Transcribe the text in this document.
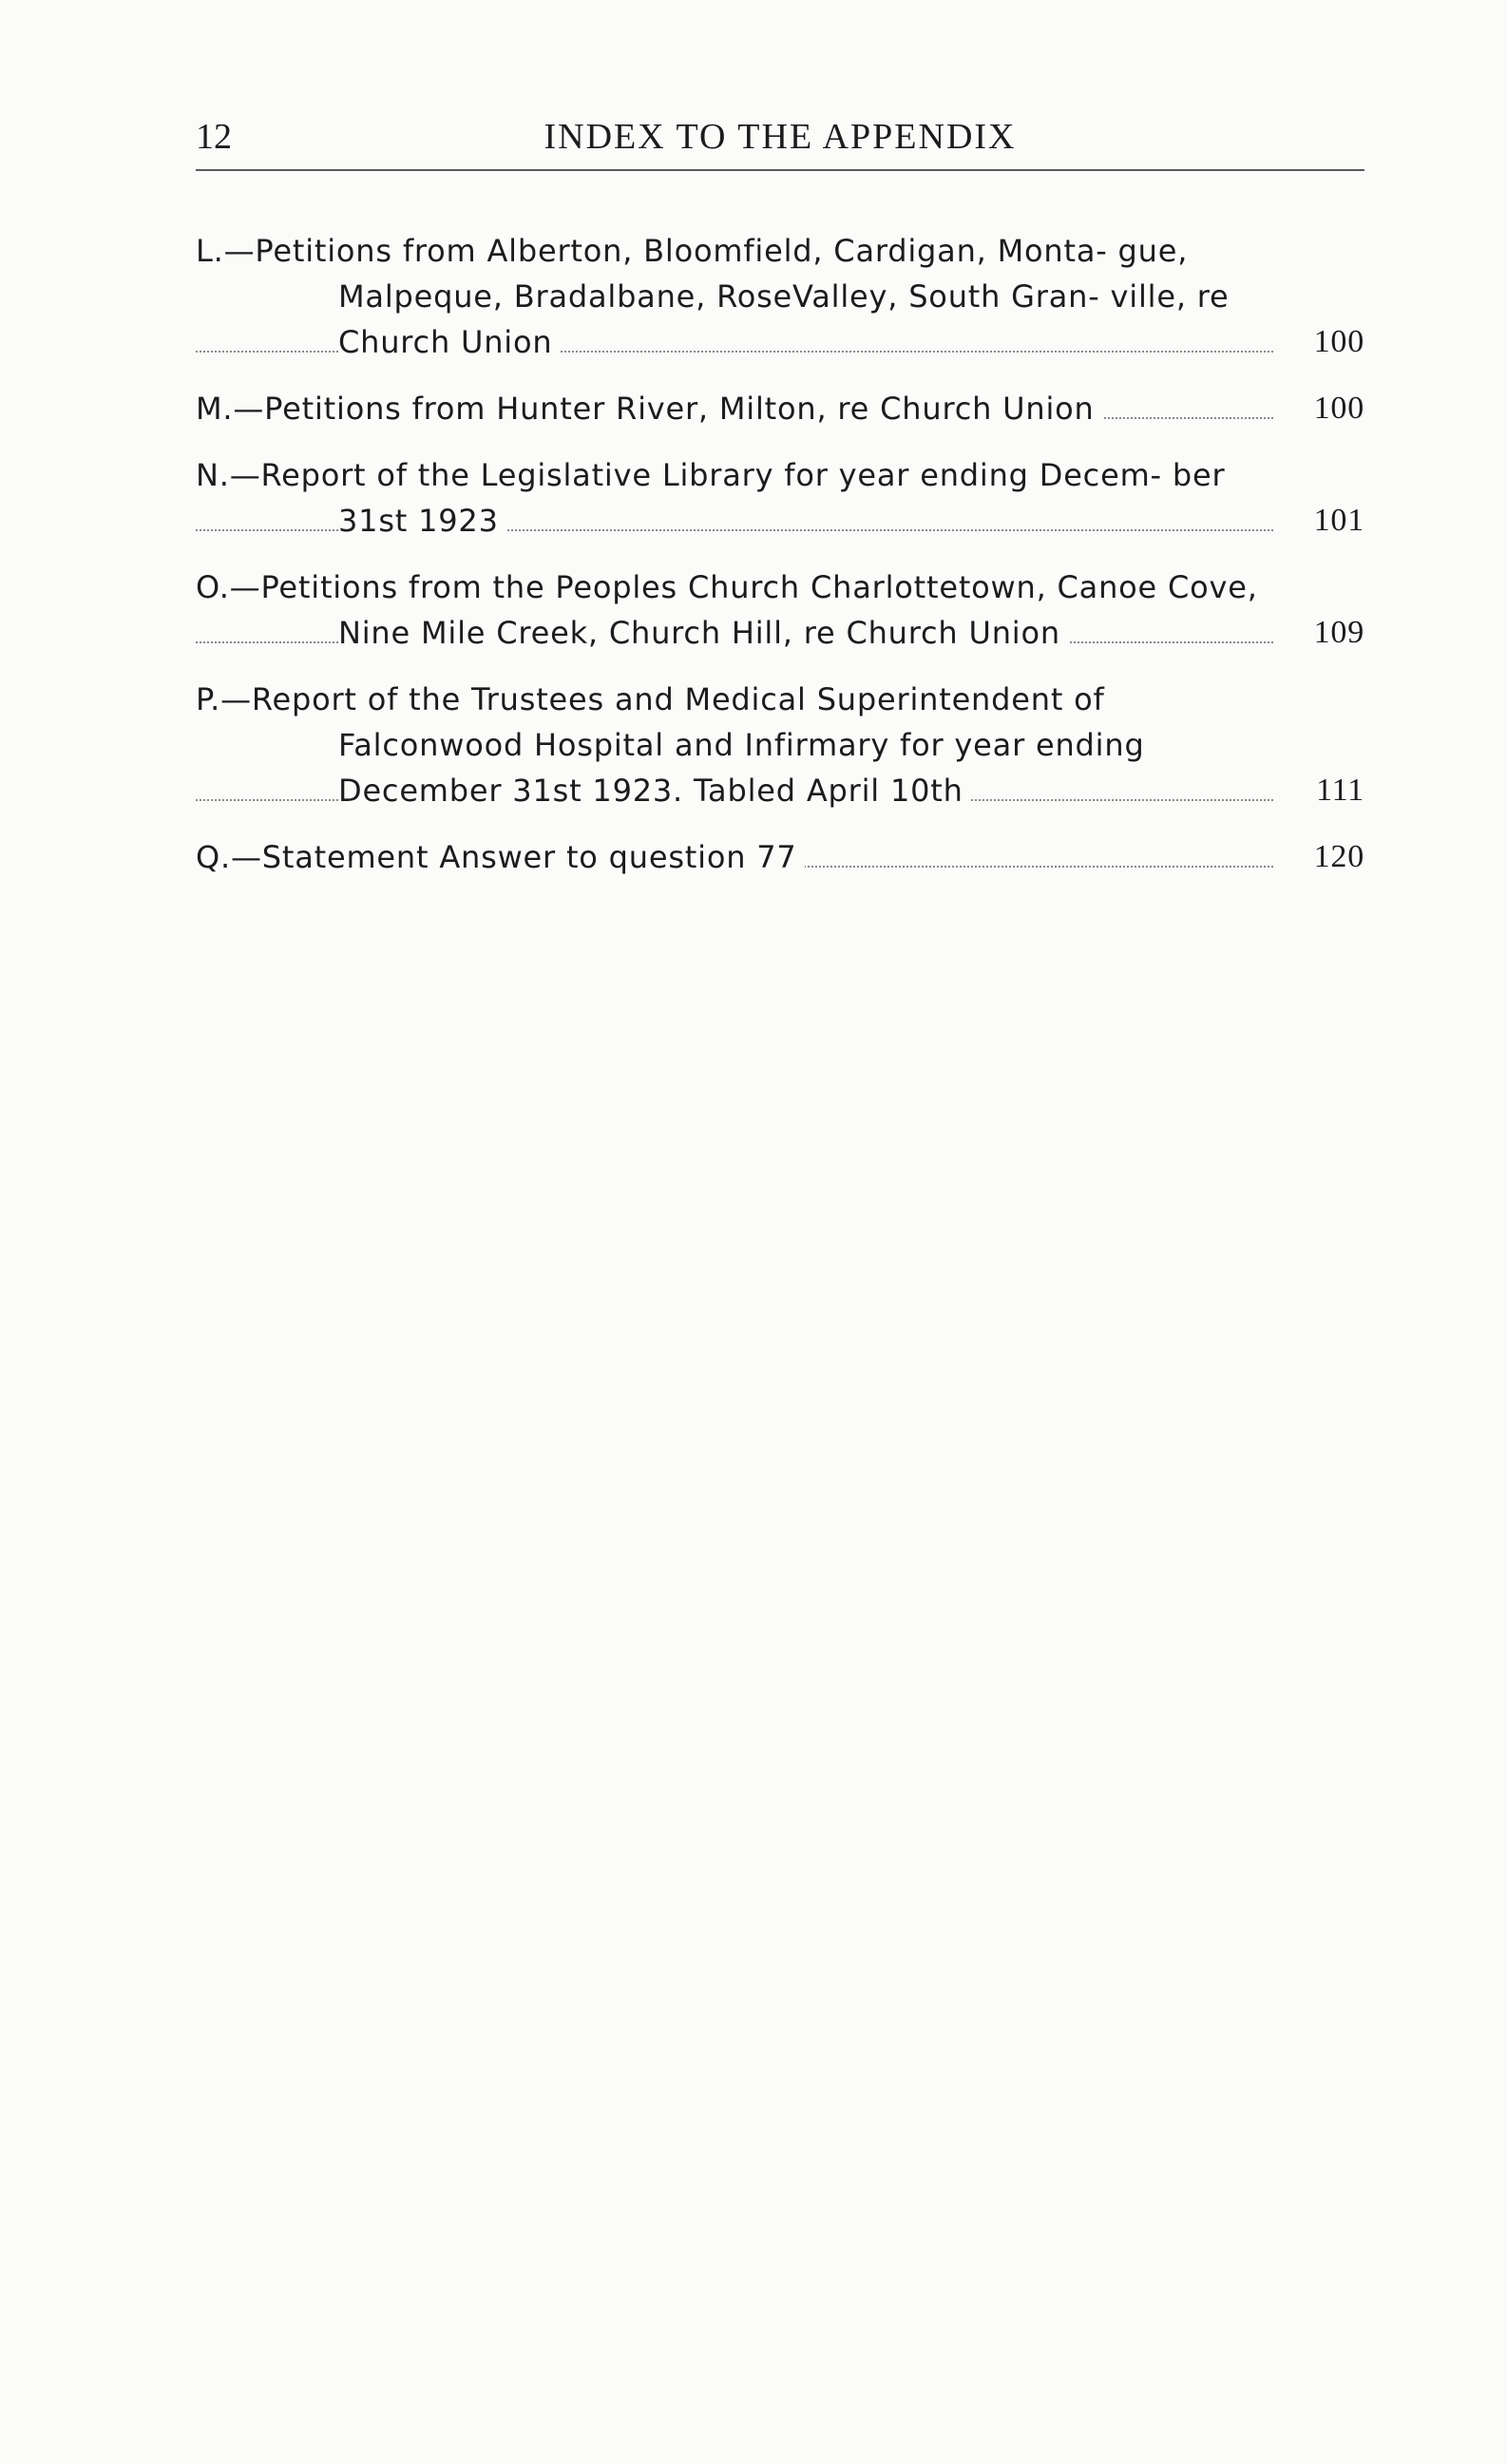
12	INDEX TO THE APPENDIX
L.—Petitions from Alberton, Bloomfield, Cardigan, Monta- gue, Malpeque, Bradalbane, RoseValley, South Gran- ville, re Church Union	100
M.—Petitions from Hunter River, Milton, re Church Union	100
N.—Report of the Legislative Library for year ending Decem- ber 31st 1923	101
O.—Petitions from the Peoples Church Charlottetown, Canoe Cove, Nine Mile Creek, Church Hill, re Church Union	109
P.—Report of the Trustees and Medical Superintendent of Falconwood Hospital and Infirmary for year ending December 31st 1923. Tabled April 10th	111
Q.—Statement Answer to question 77	120
